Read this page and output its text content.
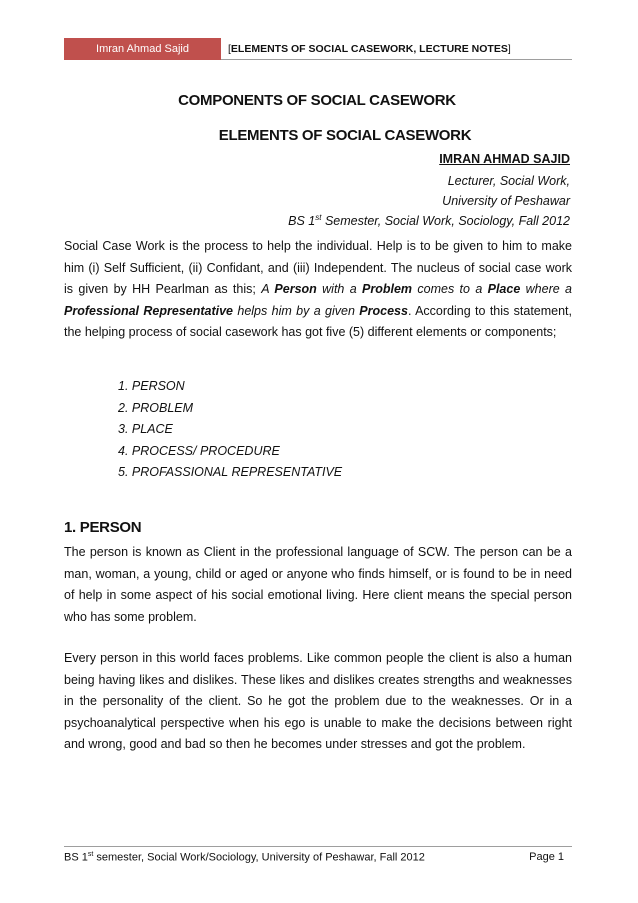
Imran Ahmad Sajid	[ELEMENTS OF SOCIAL CASEWORK, LECTURE NOTES]
COMPONENTS OF SOCIAL CASEWORK
ELEMENTS OF SOCIAL CASEWORK
IMRAN AHMAD SAJID
Lecturer, Social Work,
University of Peshawar
BS 1st Semester, Social Work, Sociology, Fall 2012
Social Case Work is the process to help the individual. Help is to be given to him to make him (i) Self Sufficient, (ii) Confidant, and (iii) Independent. The nucleus of social case work is given by HH Pearlman as this; A Person with a Problem comes to a Place where a Professional Representative helps him by a given Process. According to this statement, the helping process of social casework has got five (5) different elements or components;
1. PERSON
2. PROBLEM
3. PLACE
4. PROCESS/ PROCEDURE
5. PROFASSIONAL REPRESENTATIVE
1. PERSON
The person is known as Client in the professional language of SCW. The person can be a man, woman, a young, child or aged or anyone who finds himself, or is found to be in need of help in some aspect of his social emotional living. Here client means the special person who has some problem.
Every person in this world faces problems. Like common people the client is also a human being having likes and dislikes. These likes and dislikes creates strengths and weaknesses in the personality of the client. So he got the problem due to the weaknesses. Or in a psychoanalytical perspective when his ego is unable to make the decisions between right and wrong, good and bad so then he becomes under stresses and got the problem.
BS 1st semester, Social Work/Sociology, University of Peshawar, Fall 2012	Page 1
